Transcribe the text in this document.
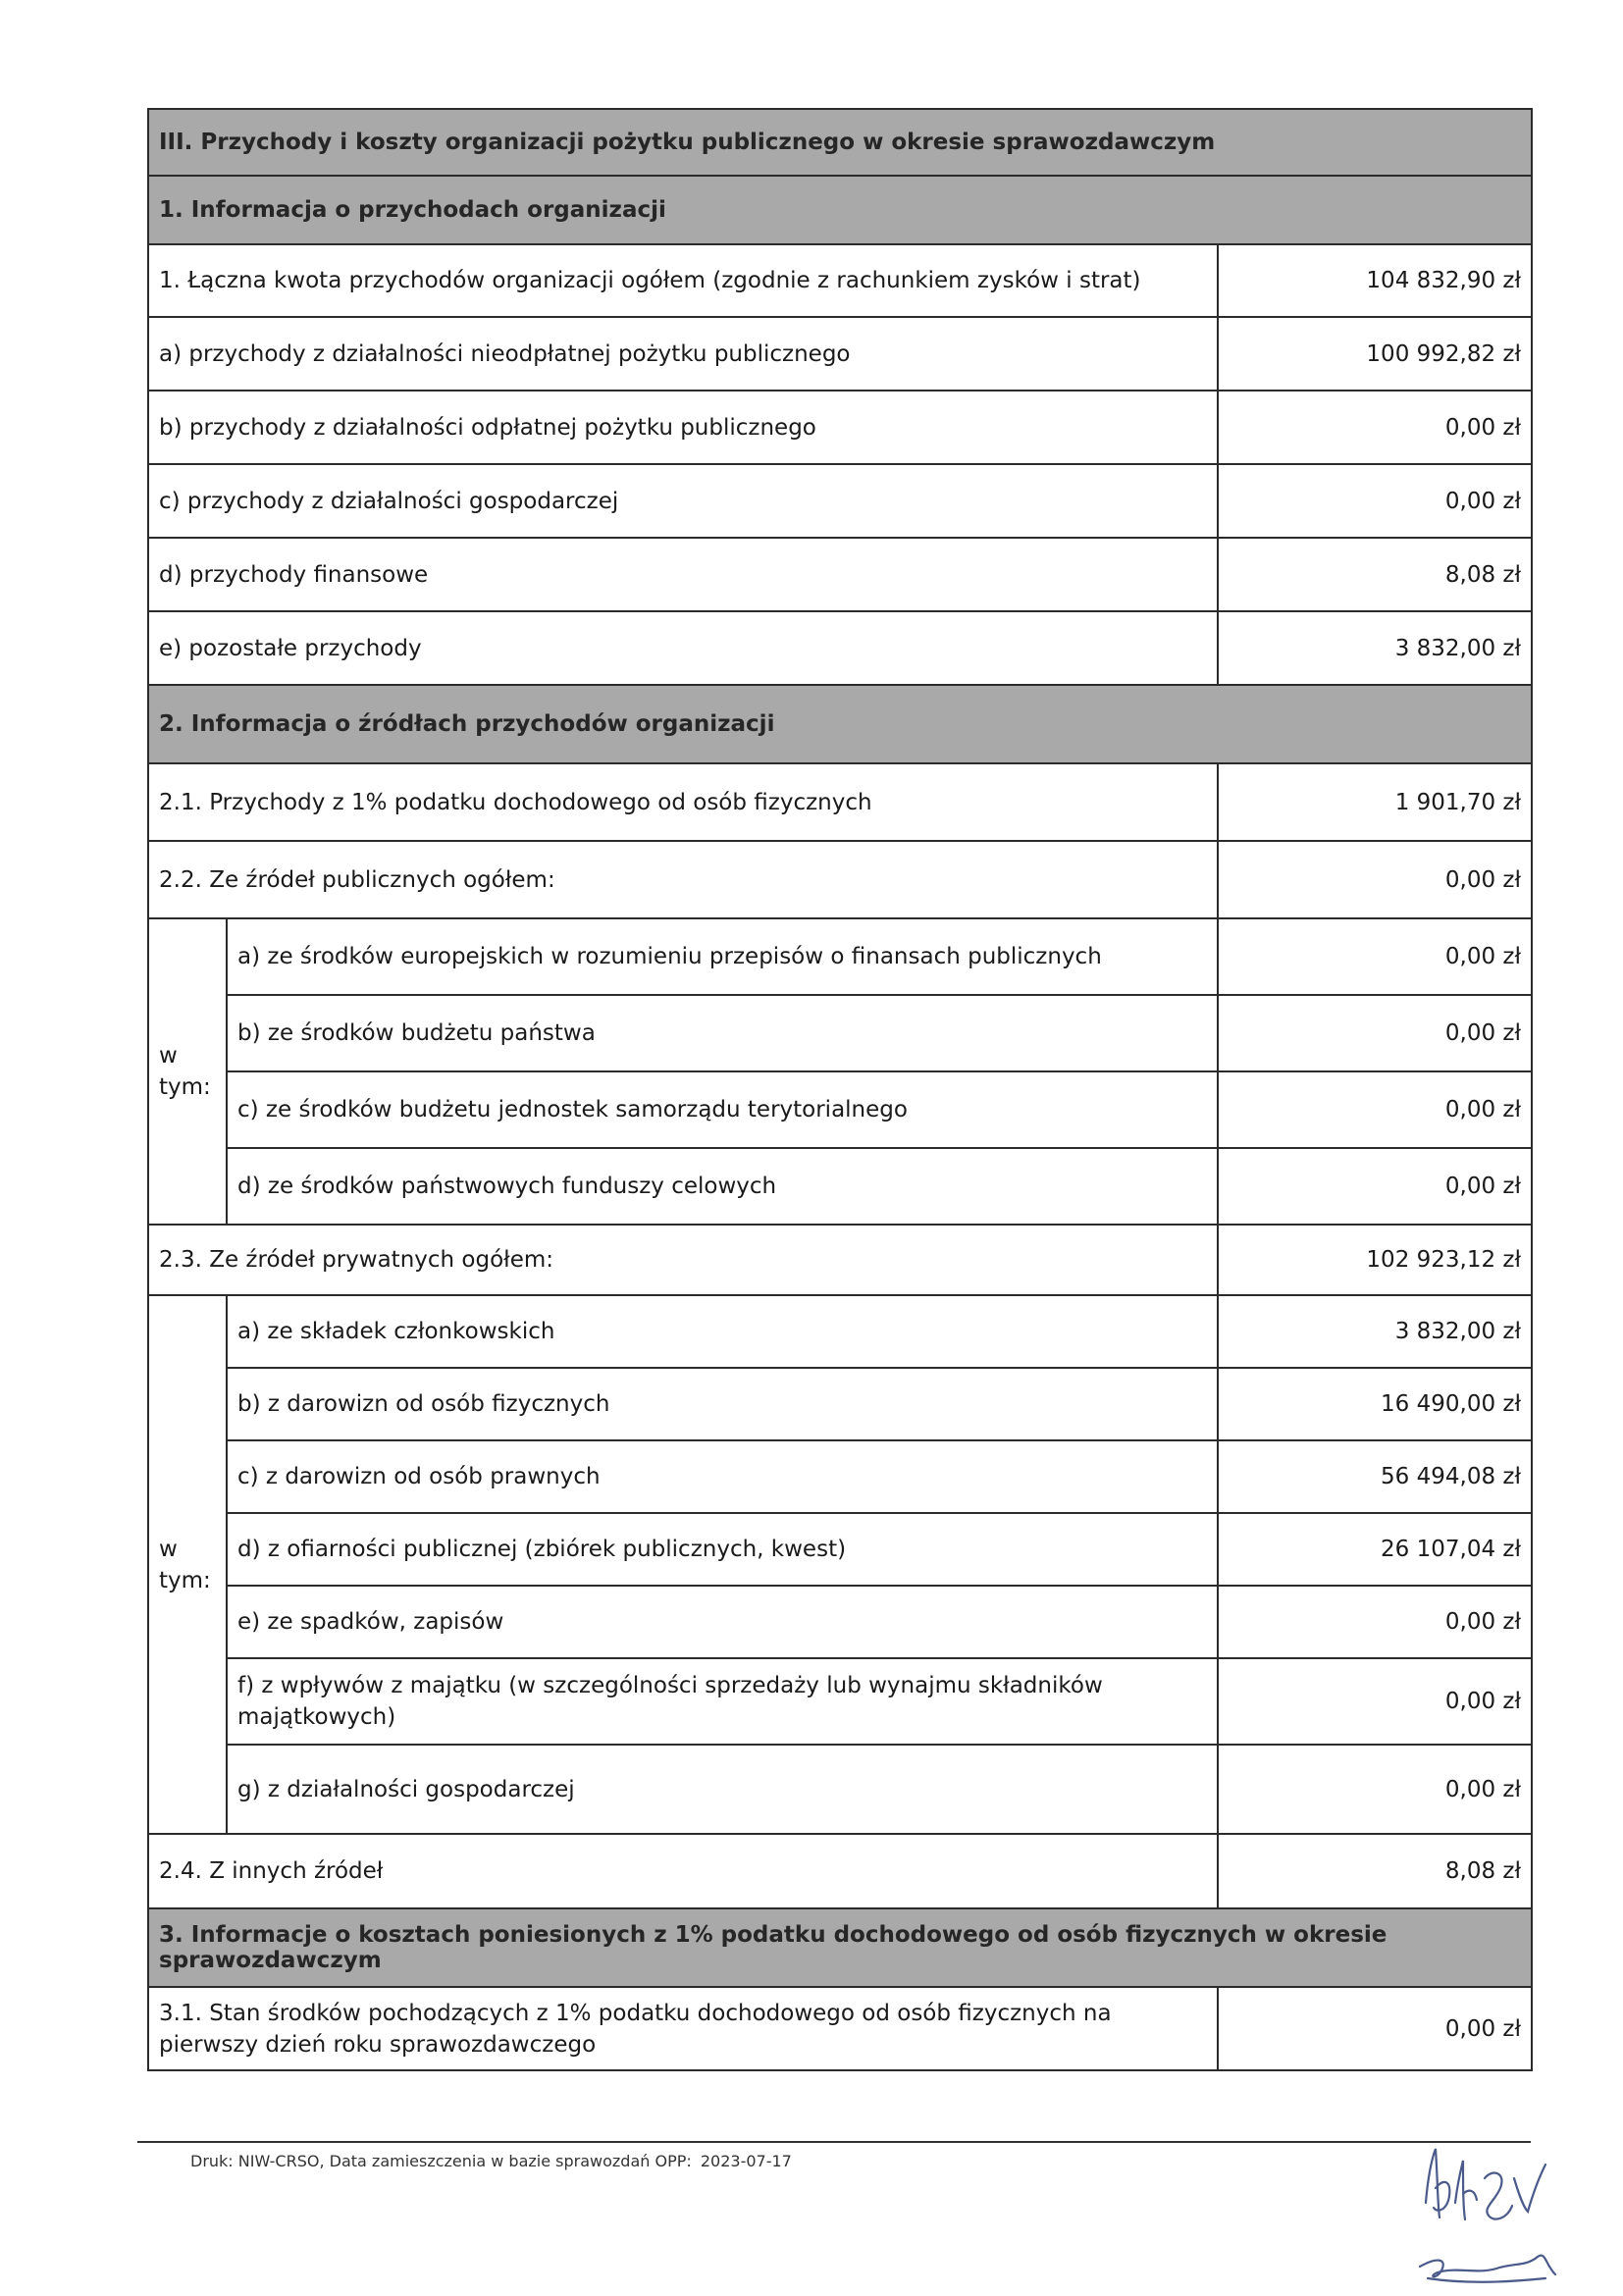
III. Przychody i koszty organizacji pożytku publicznego w okresie sprawozdawczym		
1. Informacja o przychodach organizacji		
1. Łączna kwota przychodów organizacji ogółem (zgodnie z rachunkiem zysków i strat)		104 832,90 zł
a) przychody z działalności nieodpłatnej pożytku publicznego		100 992,82 zł
b) przychody z działalności odpłatnej pożytku publicznego		0,00 zł
c) przychody z działalności gospodarczej		0,00 zł
d) przychody finansowe		8,08 zł
e) pozostałe przychody		3 832,00 zł
2. Informacja o źródłach przychodów organizacji		
2.1. Przychody z 1% podatku dochodowego od osób fizycznych		1 901,70 zł
2.2. Ze źródeł publicznych ogółem:		0,00 zł
w
tym:	a) ze środków europejskich w rozumieniu przepisów o finansach publicznych	0,00 zł
	b) ze środków budżetu państwa	0,00 zł
	c) ze środków budżetu jednostek samorządu terytorialnego	0,00 zł
	d) ze środków państwowych funduszy celowych	0,00 zł
2.3. Ze źródeł prywatnych ogółem:		102 923,12 zł
w
tym:	a) ze składek członkowskich	3 832,00 zł
	b) z darowizn od osób fizycznych	16 490,00 zł
	c) z darowizn od osób prawnych	56 494,08 zł
	d) z ofiarności publicznej (zbiórek publicznych, kwest)	26 107,04 zł
	e) ze spadków, zapisów	0,00 zł
	f) z wpływów z majątku (w szczególności sprzedaży lub wynajmu składników majątkowych)	0,00 zł
	g) z działalności gospodarczej	0,00 zł
2.4. Z innych źródeł		8,08 zł
3. Informacje o kosztach poniesionych z 1% podatku dochodowego od osób fizycznych w okresie sprawozdawczym		
3.1. Stan środków pochodzących z 1% podatku dochodowego od osób fizycznych na pierwszy dzień roku sprawozdawczego		0,00 zł
Druk: NIW-CRSO, Data zamieszczenia w bazie sprawozdań OPP: 2023-07-17
